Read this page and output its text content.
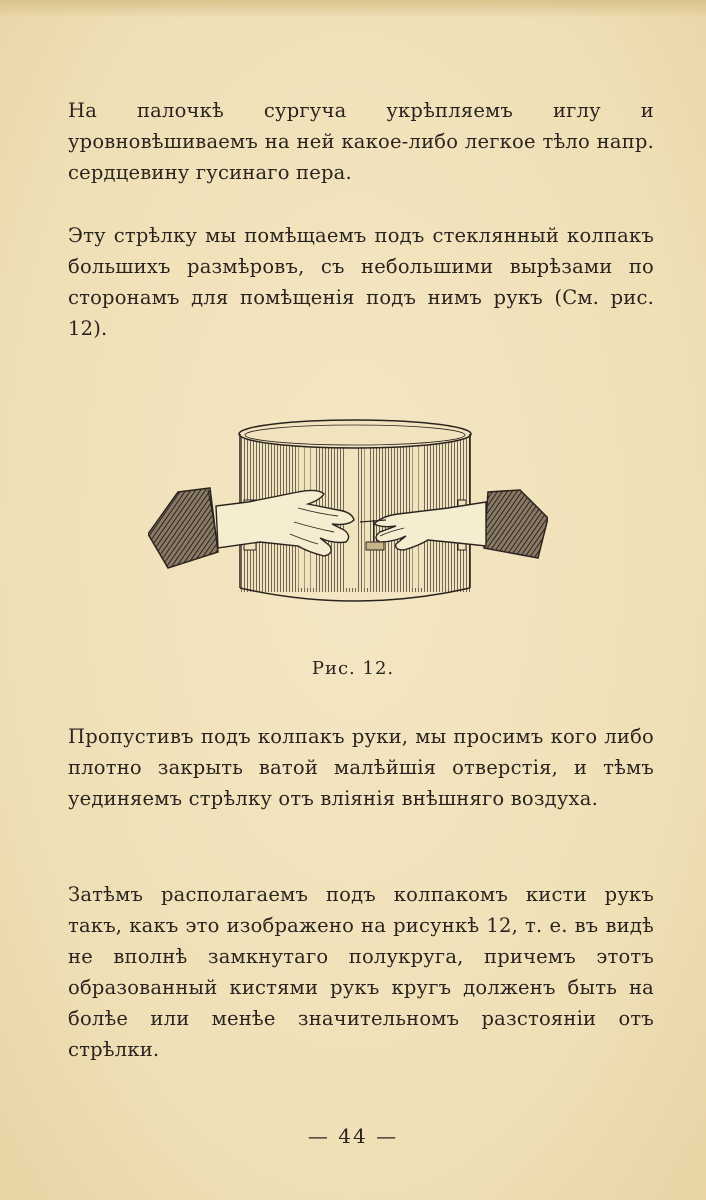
На палочкѣ сургуча укрѣпляемъ иглу и уровновѣшиваемъ на ней какое-либо легкое тѣло напр. сердцевину гусинаго пера.

Эту стрѣлку мы помѣщаемъ подъ стеклянный колпакъ большихъ размѣровъ, съ небольшими вырѣзами по сторонамъ для помѣщенія подъ нимъ рукъ (См. рис. 12).

Рис. 12.

Пропустивъ подъ колпакъ руки, мы просимъ кого либо плотно закрыть ватой малѣйшія отверстія, и тѣмъ уединяемъ стрѣлку отъ вліянія внѣшняго воздуха.

Затѣмъ располагаемъ подъ колпакомъ кисти рукъ такъ, какъ это изображено на рисункѣ 12, т. е. въ видѣ не вполнѣ замкнутаго полукруга, причемъ этотъ образованный кистями рукъ кругъ долженъ быть на болѣе или менѣе значительномъ разстояніи отъ стрѣлки.

— 44 —
